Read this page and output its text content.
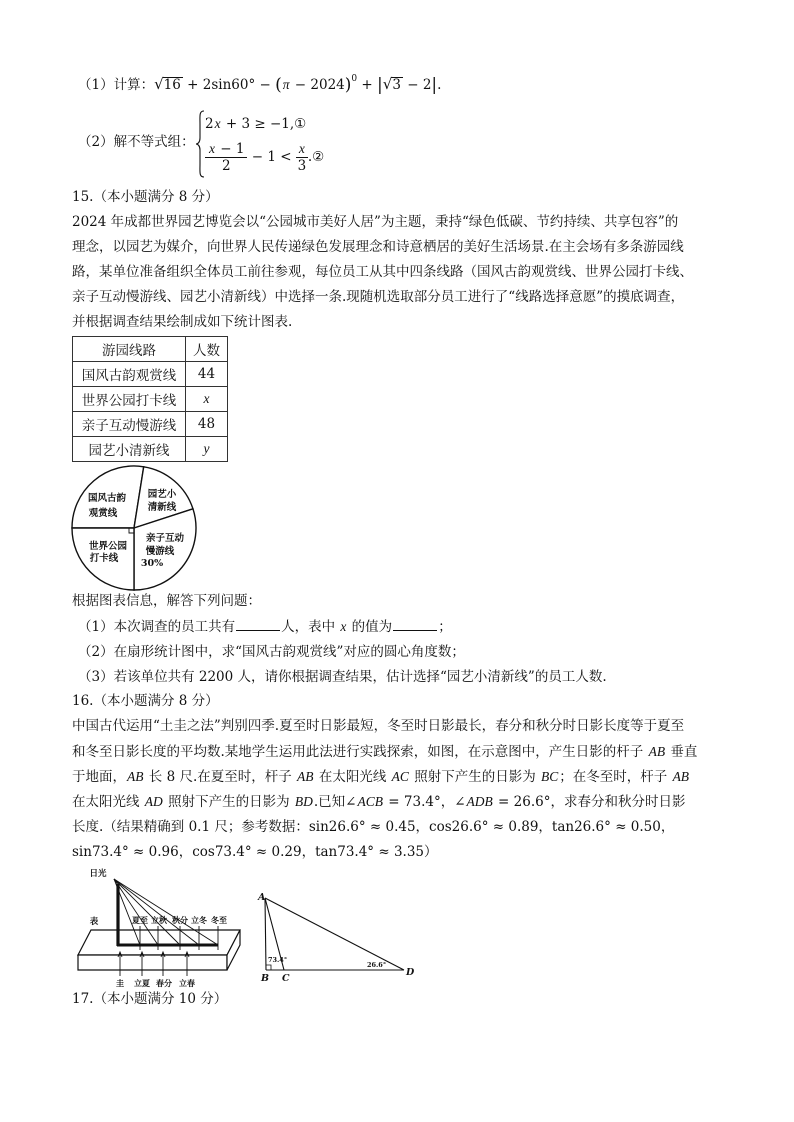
（1）计算：$√16 + 2\sin 60^\circ - (\pi - 2024)^0 + |√3 - 2|$.
（2）解不等式组：
2x + 3 ≥ −1,①
$\frac{x - 1}{2} - 1 < \frac{x}{3}$ .②
15.（本小题满分 8 分）
2024 年成都世界园艺博览会以“公园城市美好人居”为主题，秉持“绿色低碳、节约持续、共享包容”的
理念，以园艺为媒介，向世界人民传递绿色发展理念和诗意栖居的美好生活场景.在主会场有多条游园线
路，某单位准备组织全体员工前往参观，每位员工从其中四条线路（国风古韵观赏线、世界公园打卡线、
亲子互动慢游线、园艺小清新线）中选择一条.现随机选取部分员工进行了“线路选择意愿”的摸底调查，
并根据调查结果绘制成如下统计图表.
游园线路	人数
国风古韵观赏线	44
世界公园打卡线	x
亲子互动慢游线	48
园艺小清新线	y
国风古韵
观赏线
园艺小
清新线
亲子互动
慢游线
30%
世界公园
打卡线
根据图表信息，解答下列问题：
（1）本次调查的员工共有	人，表中 x 的值为	；
（2）在扇形统计图中，求“国风古韵观赏线”对应的圆心角度数；
（3）若该单位共有 2200 人，请你根据调查结果，估计选择“园艺小清新线”的员工人数.
16.（本小题满分 8 分）
中国古代运用“土圭之法”判别四季.夏至时日影最短，冬至时日影最长，春分和秋分时日影长度等于夏至
和冬至日影长度的平均数.某地学生运用此法进行实践探索，如图，在示意图中，产生日影的杆子 AB 垂直
于地面，AB 长 8 尺.在夏至时，杆子 AB 在太阳光线 AC 照射下产生的日影为 BC；在冬至时，杆子 AB
在太阳光线 AD 照射下产生的日影为 BD.已知∠ACB = 73.4°，∠ADB = 26.6°，求春分和秋分时日影
长度.（结果精确到 0.1 尺；参考数据：sin26.6° ≈ 0.45，cos26.6° ≈ 0.89，tan26.6° ≈ 0.50，
sin73.4° ≈ 0.96，cos73.4° ≈ 0.29，tan73.4° ≈ 3.35）
日光
表	夏至 立秋 秋分 立冬 冬至
圭 立夏 春分 立春
A
B C
D
73.4°
26.6°
17.（本小题满分 10 分）
